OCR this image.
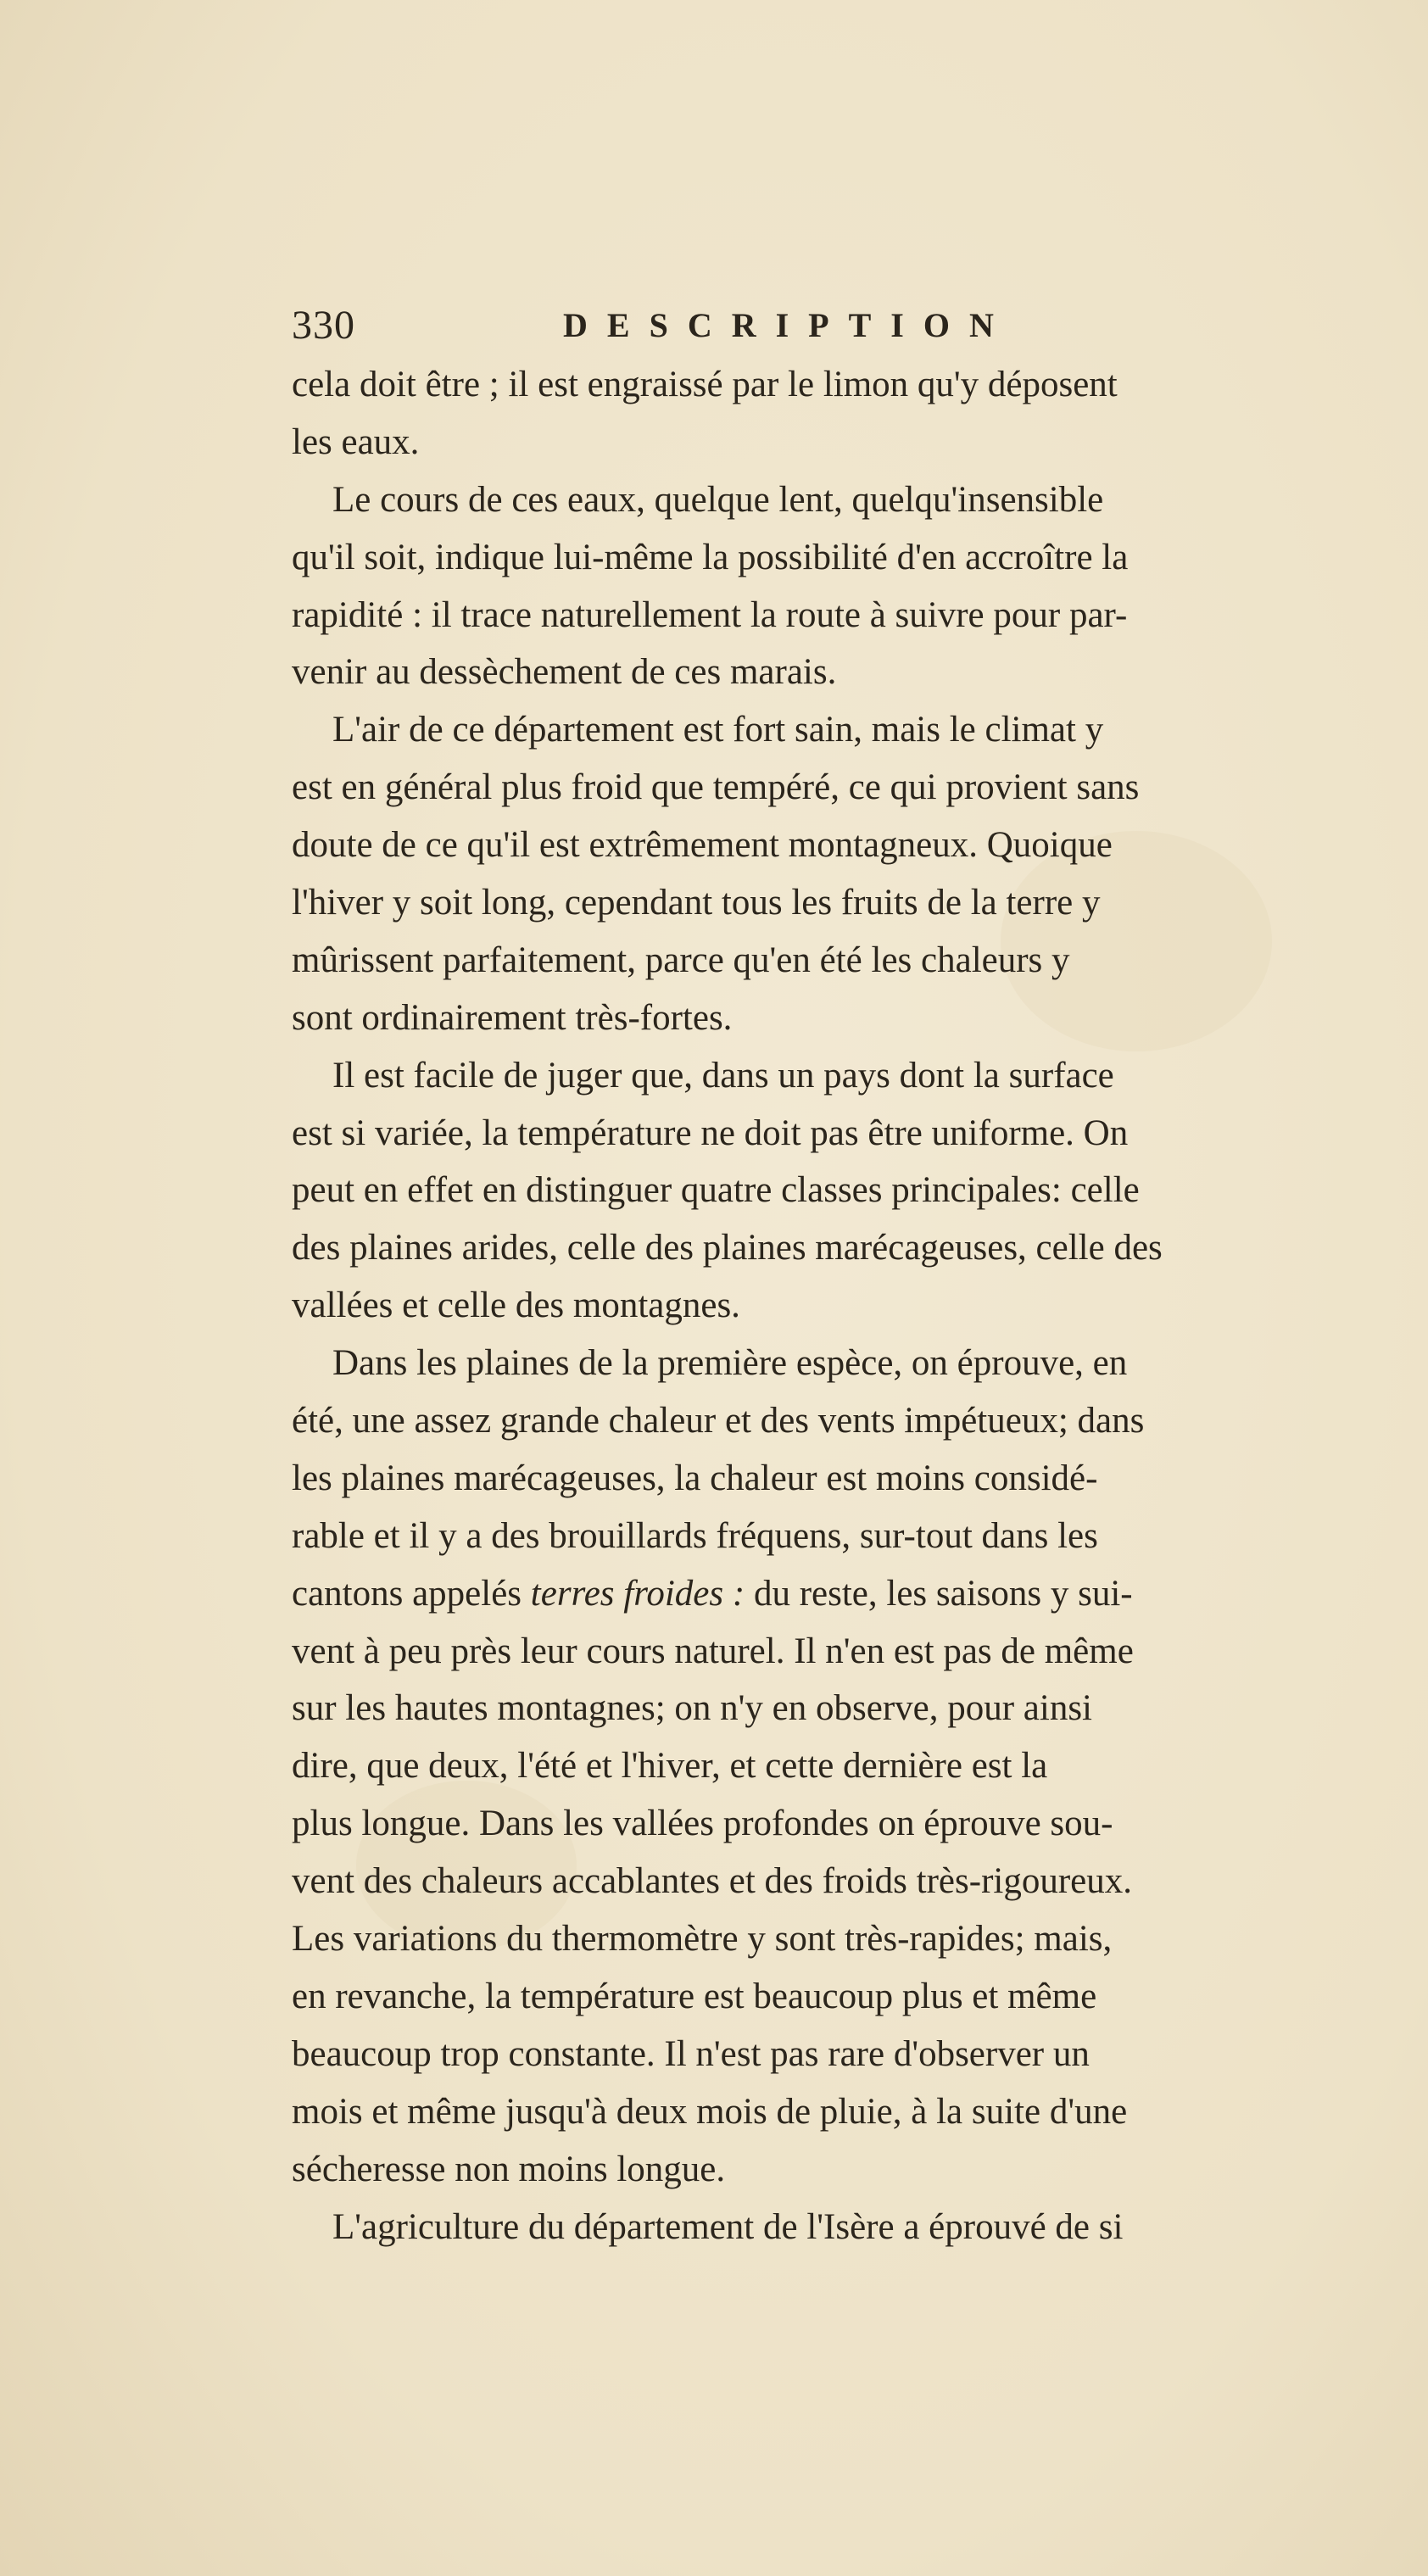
330	DESCRIPTION
cela doit être ; il est engraissé par le limon qu'y déposent
les eaux.
Le cours de ces eaux, quelque lent, quelqu'insensible
qu'il soit, indique lui-même la possibilité d'en accroître la
rapidité : il trace naturellement la route à suivre pour par-
venir au dessèchement de ces marais.
L'air de ce département est fort sain, mais le climat y
est en général plus froid que tempéré, ce qui provient sans
doute de ce qu'il est extrêmement montagneux. Quoique
l'hiver y soit long, cependant tous les fruits de la terre y
mûrissent parfaitement, parce qu'en été les chaleurs y
sont ordinairement très-fortes.
Il est facile de juger que, dans un pays dont la surface
est si variée, la température ne doit pas être uniforme. On
peut en effet en distinguer quatre classes principales: celle
des plaines arides, celle des plaines marécageuses, celle des
vallées et celle des montagnes.
Dans les plaines de la première espèce, on éprouve, en
été, une assez grande chaleur et des vents impétueux; dans
les plaines marécageuses, la chaleur est moins considé-
rable et il y a des brouillards fréquens, sur-tout dans les
cantons appelés terres froides : du reste, les saisons y sui-
vent à peu près leur cours naturel. Il n'en est pas de même
sur les hautes montagnes; on n'y en observe, pour ainsi
dire, que deux, l'été et l'hiver, et cette dernière est la
plus longue. Dans les vallées profondes on éprouve sou-
vent des chaleurs accablantes et des froids très-rigoureux.
Les variations du thermomètre y sont très-rapides; mais,
en revanche, la température est beaucoup plus et même
beaucoup trop constante. Il n'est pas rare d'observer un
mois et même jusqu'à deux mois de pluie, à la suite d'une
sécheresse non moins longue.
L'agriculture du département de l'Isère a éprouvé de si
